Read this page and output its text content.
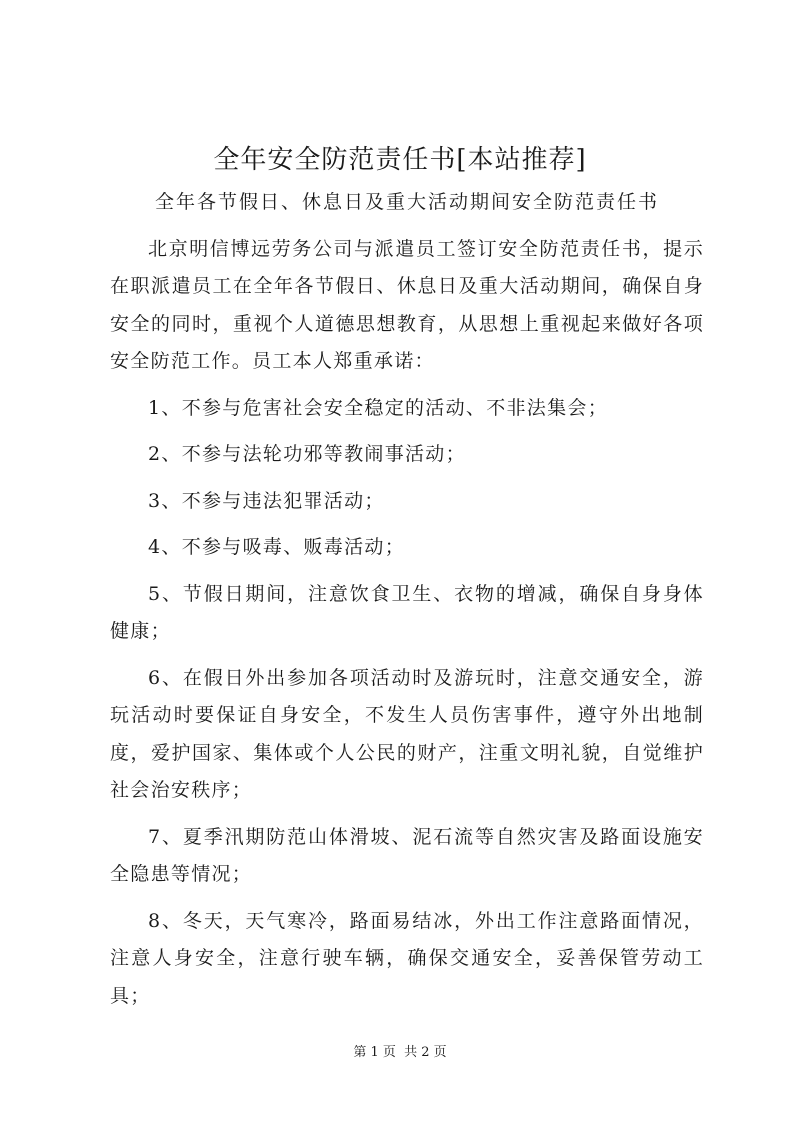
全年安全防范责任书[本站推荐]

全年各节假日、休息日及重大活动期间安全防范责任书

北京明信博远劳务公司与派遣员工签订安全防范责任书，提示在职派遣员工在全年各节假日、休息日及重大活动期间，确保自身安全的同时，重视个人道德思想教育，从思想上重视起来做好各项安全防范工作。员工本人郑重承诺：

1、不参与危害社会安全稳定的活动、不非法集会；

2、不参与法轮功邪等教闹事活动；

3、不参与违法犯罪活动；

4、不参与吸毒、贩毒活动；

5、节假日期间，注意饮食卫生、衣物的增减，确保自身身体健康；

6、在假日外出参加各项活动时及游玩时，注意交通安全，游玩活动时要保证自身安全，不发生人员伤害事件，遵守外出地制度，爱护国家、集体或个人公民的财产，注重文明礼貌，自觉维护社会治安秩序；

7、夏季汛期防范山体滑坡、泥石流等自然灾害及路面设施安全隐患等情况；

8、冬天，天气寒冷，路面易结冰，外出工作注意路面情况，注意人身安全，注意行驶车辆，确保交通安全，妥善保管劳动工具；

第 1 页  共 2 页
